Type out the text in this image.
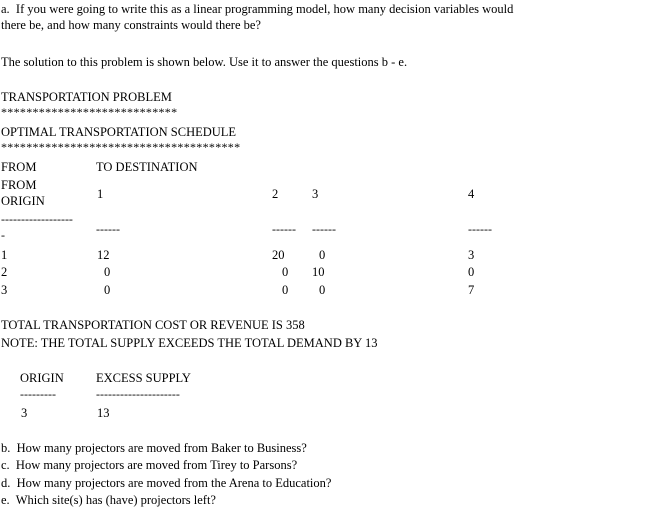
a.  If you were going to write this as a linear programming model, how many decision variables would
there be, and how many constraints would there be?
The solution to this problem is shown below. Use it to answer the questions b - e.
TRANSPORTATION PROBLEM
****************************
OPTIMAL TRANSPORTATION SCHEDULE
**************************************
FROM	TO DESTINATION
FROM
ORIGIN	1	2	3	4
------------------
-	------	------ ------	------
1	12	20	0	3
2	0	0 10	0
3	0	0 0	7
TOTAL TRANSPORTATION COST OR REVENUE IS 358
NOTE: THE TOTAL SUPPLY EXCEEDS THE TOTAL DEMAND BY 13
ORIGIN	EXCESS SUPPLY
---------	---------------------
3	13
b.  How many projectors are moved from Baker to Business?
c.  How many projectors are moved from Tirey to Parsons?
d.  How many projectors are moved from the Arena to Education?
e.  Which site(s) has (have) projectors left?
